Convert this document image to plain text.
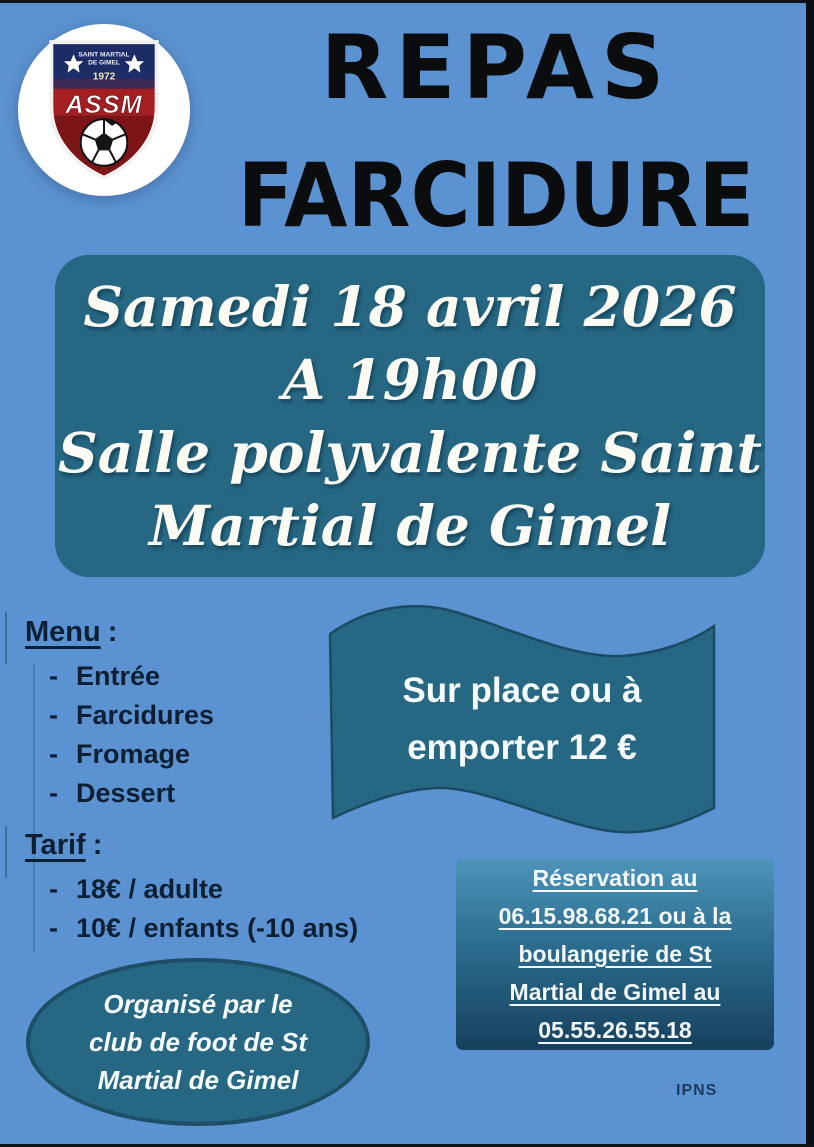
SAINT MARTIAL
DE GIMEL
1972
ASSM	REPAS
FARCIDURE
Samedi 18 avril 2026
A 19h00
Salle polyvalente Saint
Martial de Gimel
Menu :
- Entrée
- Farcidures
- Fromage
- Dessert
Tarif :
- 18€ / adulte
- 10€ / enfants (-10 ans)
Sur place ou à
emporter 12 €
Réservation au
06.15.98.68.21 ou à la
boulangerie de St
Martial de Gimel au
05.55.26.55.18
Organisé par le
club de foot de St
Martial de Gimel	IPNS
